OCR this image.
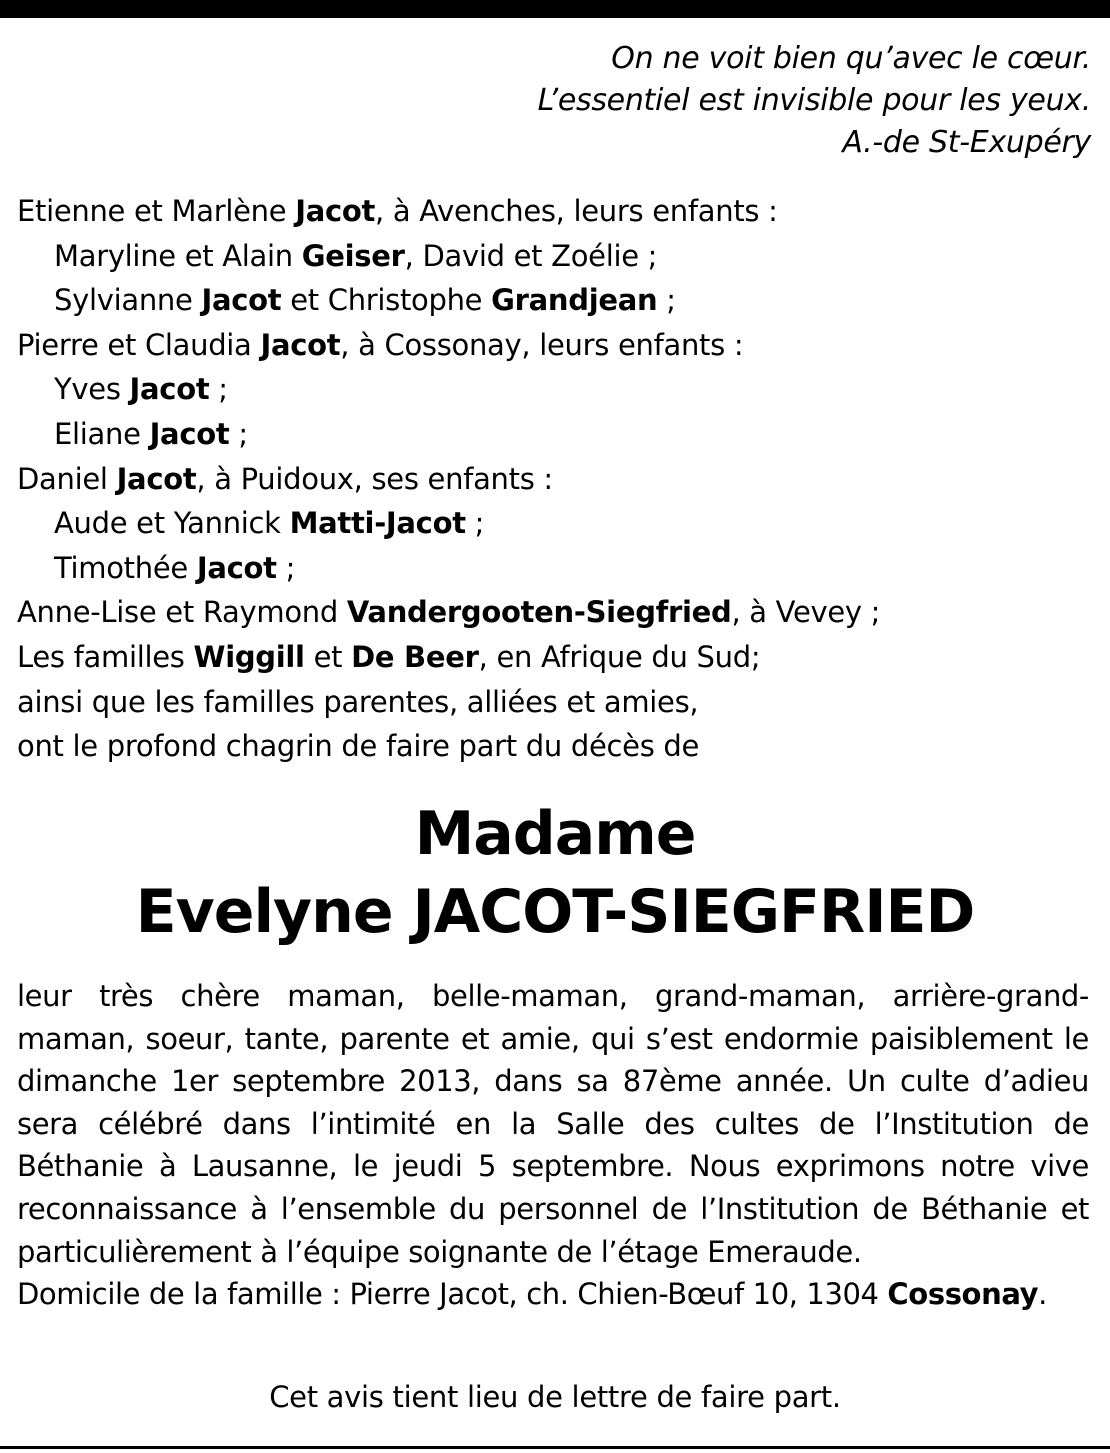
On ne voit bien qu’avec le cœur.
L’essentiel est invisible pour les yeux.
A.-de St-Exupéry
Etienne et Marlène Jacot, à Avenches, leurs enfants :
Maryline et Alain Geiser, David et Zoélie ;
Sylvianne Jacot et Christophe Grandjean ;
Pierre et Claudia Jacot, à Cossonay, leurs enfants :
Yves Jacot ;
Eliane Jacot ;
Daniel Jacot, à Puidoux, ses enfants :
Aude et Yannick Matti-Jacot ;
Timothée Jacot ;
Anne-Lise et Raymond Vandergooten-Siegfried, à Vevey ;
Les familles Wiggill et De Beer, en Afrique du Sud;
ainsi que les familles parentes, alliées et amies,
ont le profond chagrin de faire part du décès de
Madame
Evelyne JACOT-SIEGFRIED
leur très chère maman, belle-maman, grand-maman, arrière-grand-maman, soeur, tante, parente et amie, qui s’est endormie paisiblement le dimanche 1er septembre 2013, dans sa 87ème année. Un culte d’adieu sera célébré dans l’intimité en la Salle des cultes de l’Institution de Béthanie à Lausanne, le jeudi 5 septembre. Nous exprimons notre vive reconnaissance à l’ensemble du personnel de l’Institution de Béthanie et particulièrement à l’équipe soignante de l’étage Emeraude.
Domicile de la famille : Pierre Jacot, ch. Chien-Bœuf 10, 1304 Cossonay.
Cet avis tient lieu de lettre de faire part.
